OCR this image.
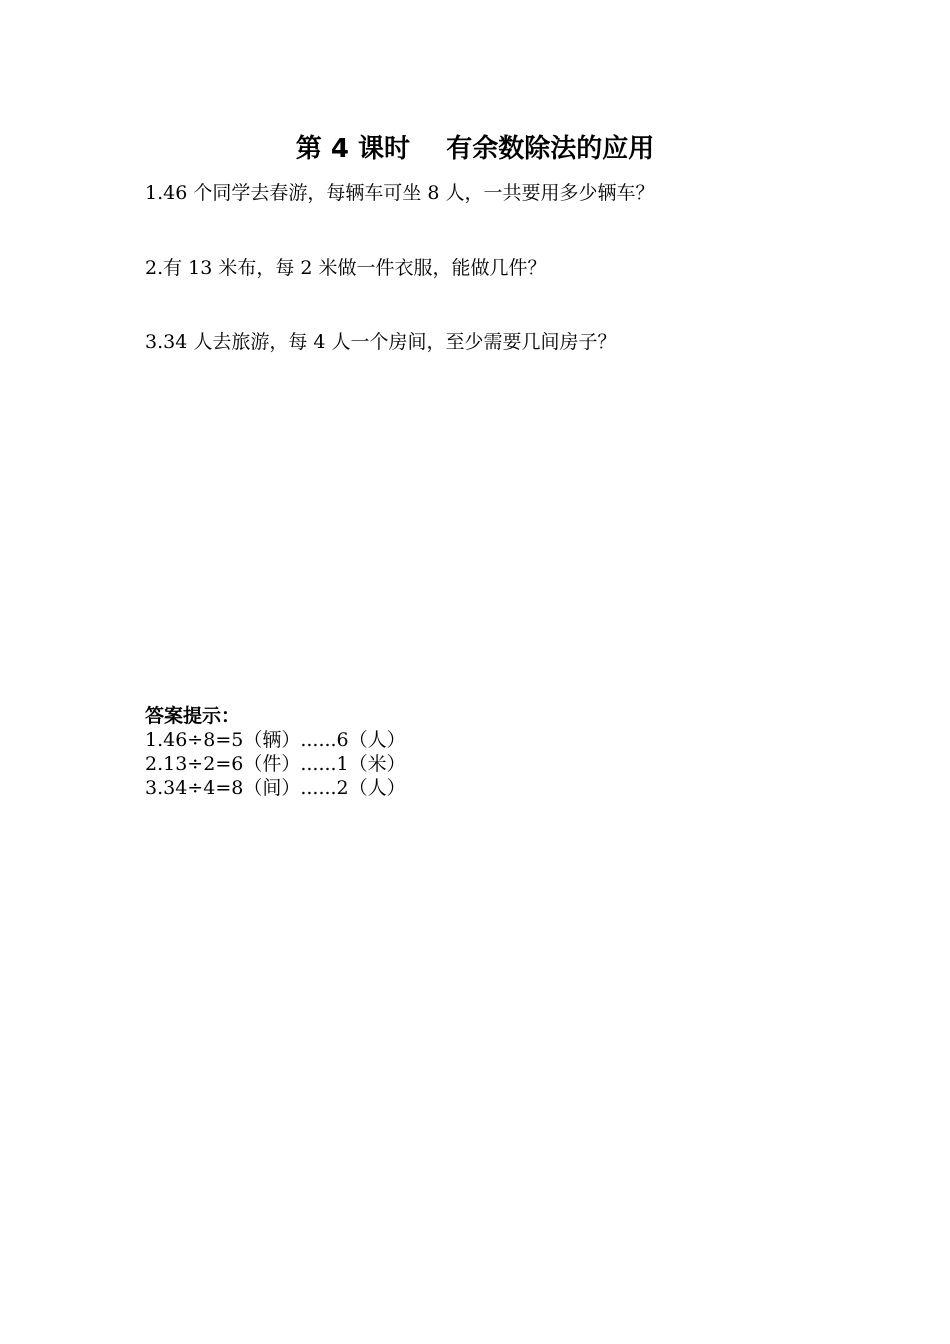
第 4 课时    有余数除法的应用

1.46 个同学去春游，每辆车可坐 8 人，一共要用多少辆车？

2.有 13 米布，每 2 米做一件衣服，能做几件？

3.34 人去旅游，每 4 人一个房间，至少需要几间房子？

答案提示：

1.46÷8=5（辆）......6（人）

2.13÷2=6（件）......1（米）

3.34÷4=8（间）......2（人）
